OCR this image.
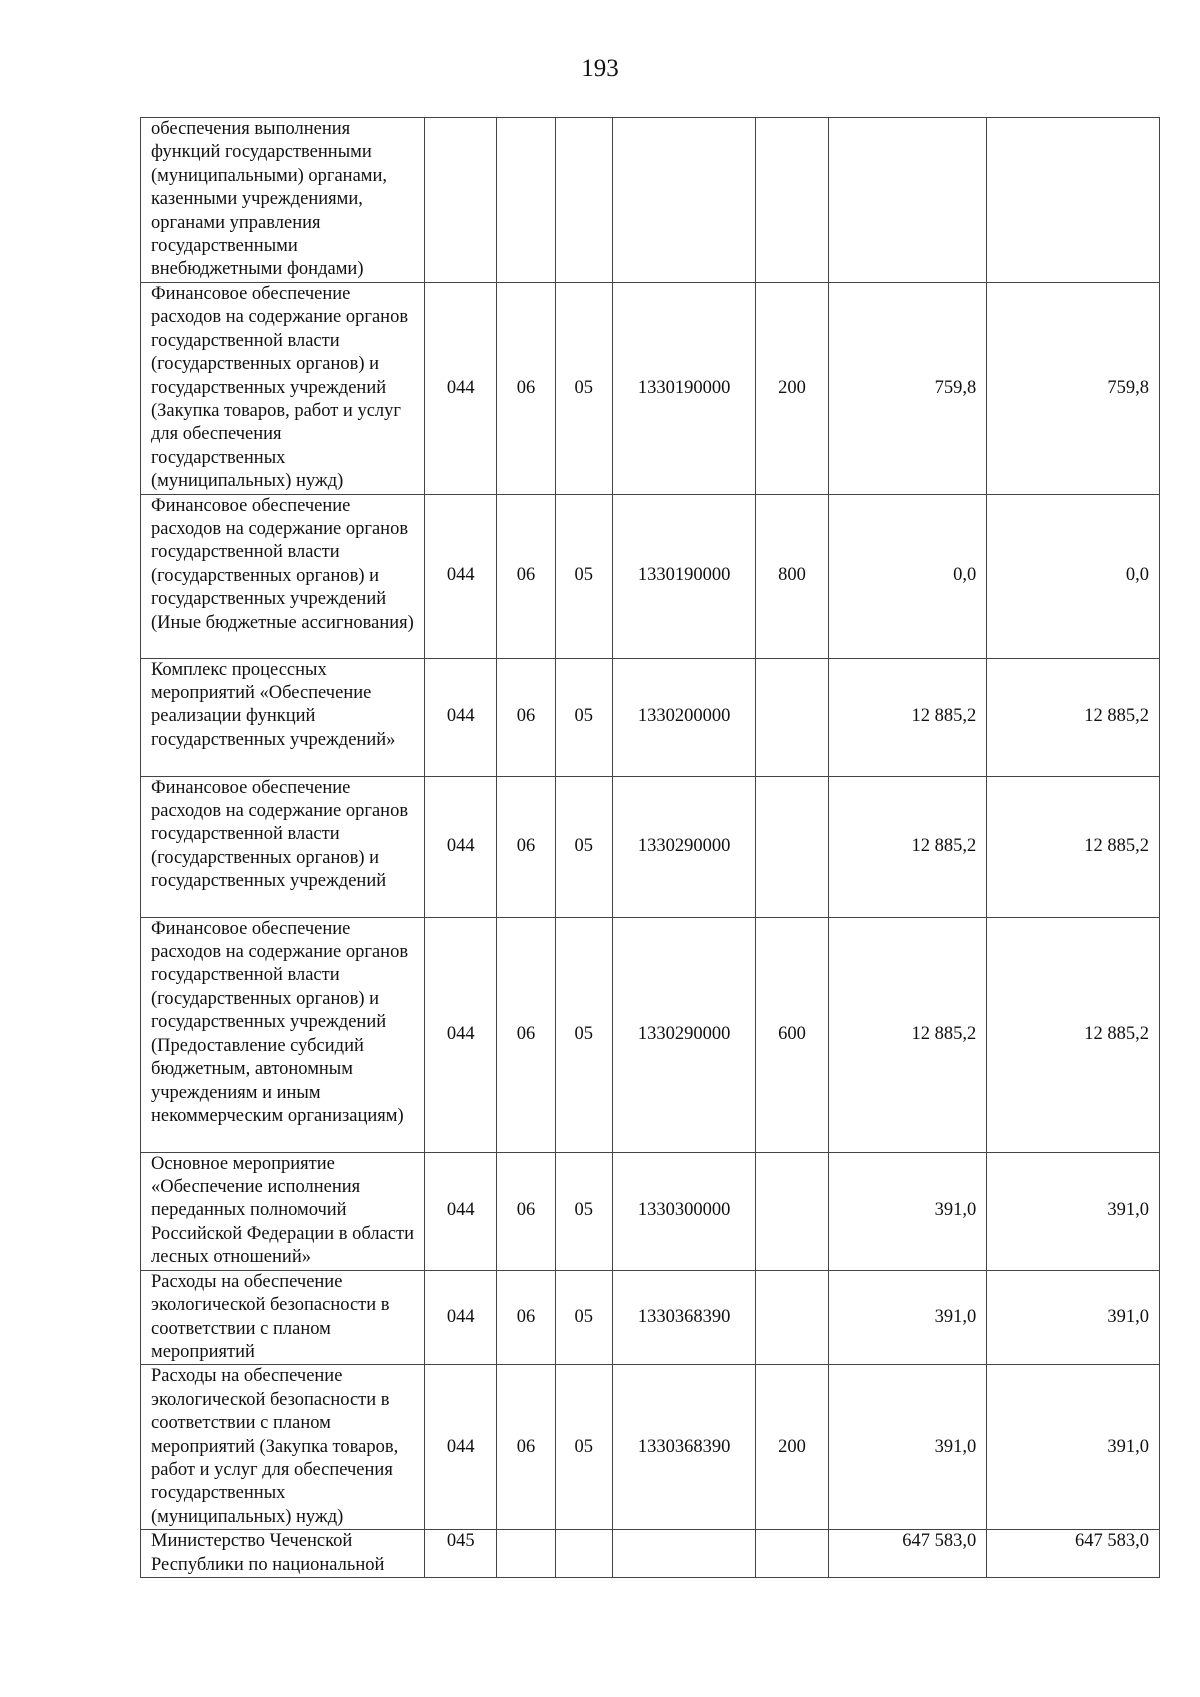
193
обеспечения выполнения функций государственными (муниципальными) органами, казенными учреждениями, органами управления государственными внебюджетными фондами)							
Финансовое обеспечение расходов на содержание органов государственной власти (государственных органов) и государственных учреждений (Закупка товаров, работ и услуг для обеспечения государственных (муниципальных) нужд)	044	06	05	1330190000	200	759,8	759,8
Финансовое обеспечение расходов на содержание органов государственной власти (государственных органов) и государственных учреждений (Иные бюджетные ассигнования)	044	06	05	1330190000	800	0,0	0,0
Комплекс процессных мероприятий «Обеспечение реализации функций государственных учреждений»	044	06	05	1330200000		12 885,2	12 885,2
Финансовое обеспечение расходов на содержание органов государственной власти (государственных органов) и государственных учреждений	044	06	05	1330290000		12 885,2	12 885,2
Финансовое обеспечение расходов на содержание органов государственной власти (государственных органов) и государственных учреждений (Предоставление субсидий бюджетным, автономным учреждениям и иным некоммерческим организациям)	044	06	05	1330290000	600	12 885,2	12 885,2
Основное мероприятие «Обеспечение исполнения переданных полномочий Российской Федерации в области лесных отношений»	044	06	05	1330300000		391,0	391,0
Расходы на обеспечение экологической безопасности в соответствии с планом мероприятий	044	06	05	1330368390		391,0	391,0
Расходы на обеспечение экологической безопасности в соответствии с планом мероприятий (Закупка товаров, работ и услуг для обеспечения государственных (муниципальных) нужд)	044	06	05	1330368390	200	391,0	391,0
Министерство Чеченской Республики по национальной	045					647 583,0	647 583,0
